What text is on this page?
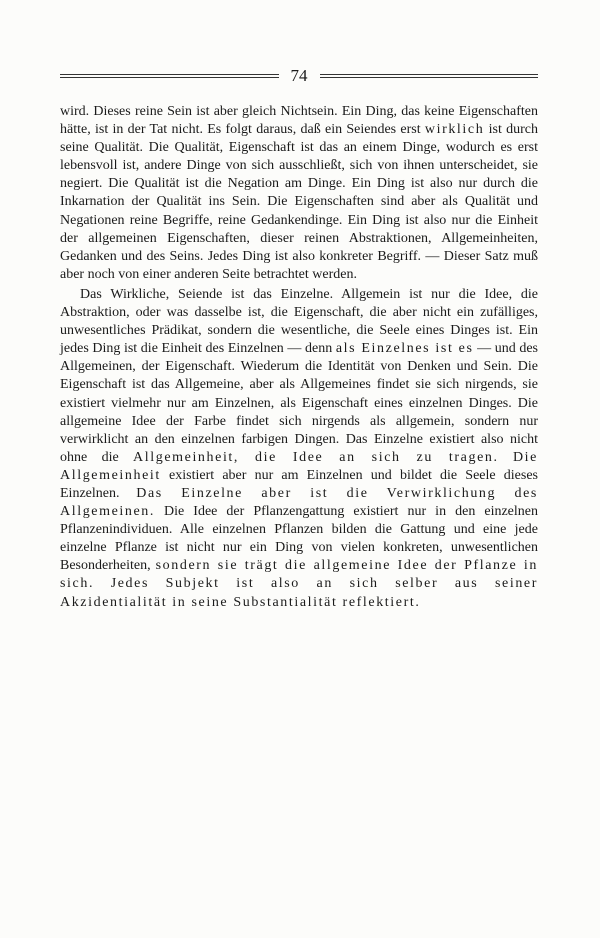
74

wird. Dieses reine Sein ist aber gleich Nichtsein. Ein Ding, das keine Eigenschaften hätte, ist in der Tat nicht. Es folgt daraus, daß ein Seiendes erst wirklich ist durch seine Qualität. Die Qualität, Eigenschaft ist das an einem Dinge, wodurch es erst lebensvoll ist, andere Dinge von sich ausschließt, sich von ihnen unterscheidet, sie negiert. Die Qualität ist die Negation am Dinge. Ein Ding ist also nur durch die Inkarnation der Qualität ins Sein. Die Eigenschaften sind aber als Qualität und Negationen reine Begriffe, reine Gedankendinge. Ein Ding ist also nur die Einheit der allgemeinen Eigenschaften, dieser reinen Abstraktionen, Allgemeinheiten, Gedanken und des Seins. Jedes Ding ist also konkreter Begriff. — Dieser Satz muß aber noch von einer anderen Seite betrachtet werden.

Das Wirkliche, Seiende ist das Einzelne. Allgemein ist nur die Idee, die Abstraktion, oder was dasselbe ist, die Eigenschaft, die aber nicht ein zufälliges, unwesentliches Prädikat, sondern die wesentliche, die Seele eines Dinges ist. Ein jedes Ding ist die Einheit des Einzelnen — denn als Einzelnes ist es — und des Allgemeinen, der Eigenschaft. Wiederum die Identität von Denken und Sein. Die Eigenschaft ist das Allgemeine, aber als Allgemeines findet sie sich nirgends, sie existiert vielmehr nur am Einzelnen, als Eigenschaft eines einzelnen Dinges. Die allgemeine Idee der Farbe findet sich nirgends als allgemein, sondern nur verwirklicht an den einzelnen farbigen Dingen. Das Einzelne existiert also nicht ohne die Allgemeinheit, die Idee an sich zu tragen. Die Allgemeinheit existiert aber nur am Einzelnen und bildet die Seele dieses Einzelnen. Das Einzelne aber ist die Verwirklichung des Allgemeinen. Die Idee der Pflanzengattung existiert nur in den einzelnen Pflanzenindividuen. Alle einzelnen Pflanzen bilden die Gattung und eine jede einzelne Pflanze ist nicht nur ein Ding von vielen konkreten, unwesentlichen Besonderheiten, sondern sie trägt die allgemeine Idee der Pflanze in sich. Jedes Subjekt ist also an sich selber aus seiner Akzidentialität in seine Substantialität reflektiert.
